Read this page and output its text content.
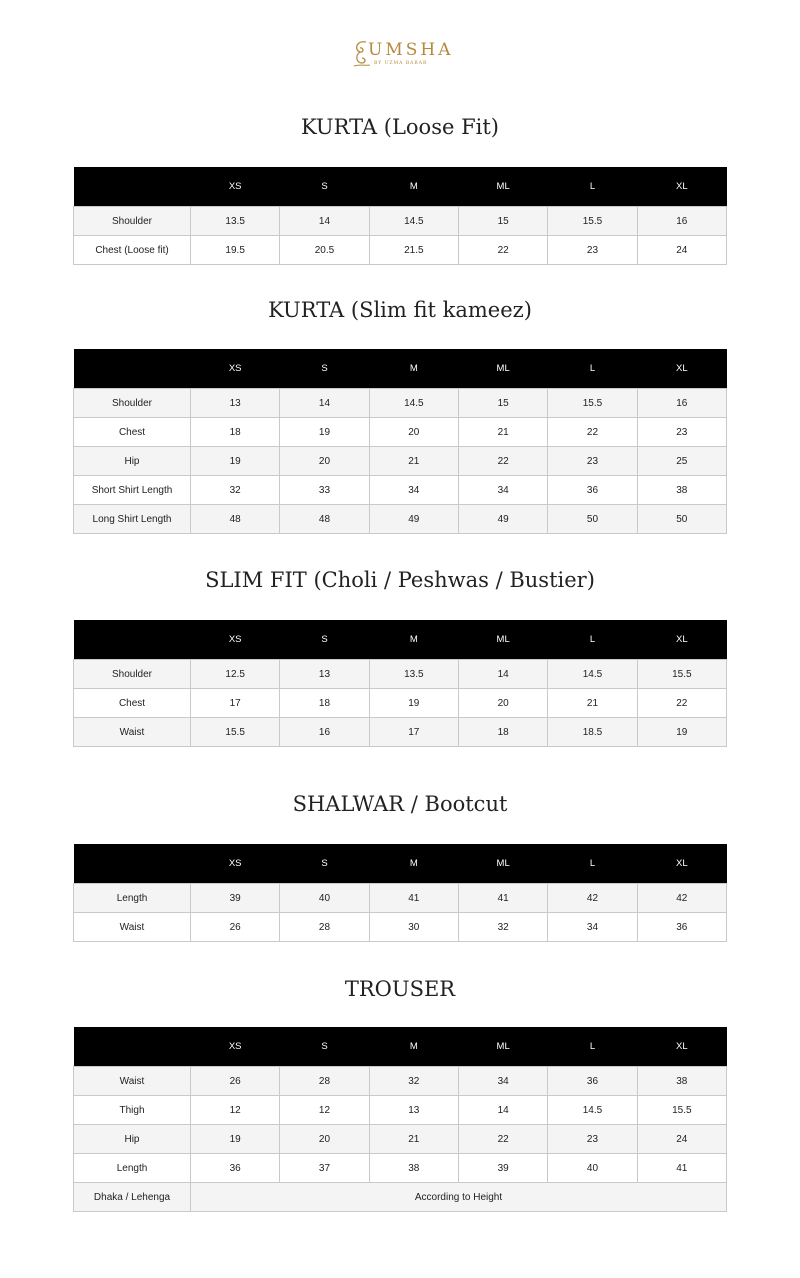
UMSHA
BY UZMA BABAR
KURTA (Loose Fit)
	XS	S	M	ML	L	XL
Shoulder	13.5	14	14.5	15	15.5	16
Chest (Loose fit)	19.5	20.5	21.5	22	23	24
KURTA (Slim fit kameez)
	XS	S	M	ML	L	XL
Shoulder	13	14	14.5	15	15.5	16
Chest	18	19	20	21	22	23
Hip	19	20	21	22	23	25
Short Shirt Length	32	33	34	34	36	38
Long Shirt Length	48	48	49	49	50	50
SLIM FIT (Choli / Peshwas / Bustier)
	XS	S	M	ML	L	XL
Shoulder	12.5	13	13.5	14	14.5	15.5
Chest	17	18	19	20	21	22
Waist	15.5	16	17	18	18.5	19
SHALWAR / Bootcut
	XS	S	M	ML	L	XL
Length	39	40	41	41	42	42
Waist	26	28	30	32	34	36
TROUSER
	XS	S	M	ML	L	XL
Waist	26	28	32	34	36	38
Thigh	12	12	13	14	14.5	15.5
Hip	19	20	21	22	23	24
Length	36	37	38	39	40	41
Dhaka / Lehenga	According to Height					
